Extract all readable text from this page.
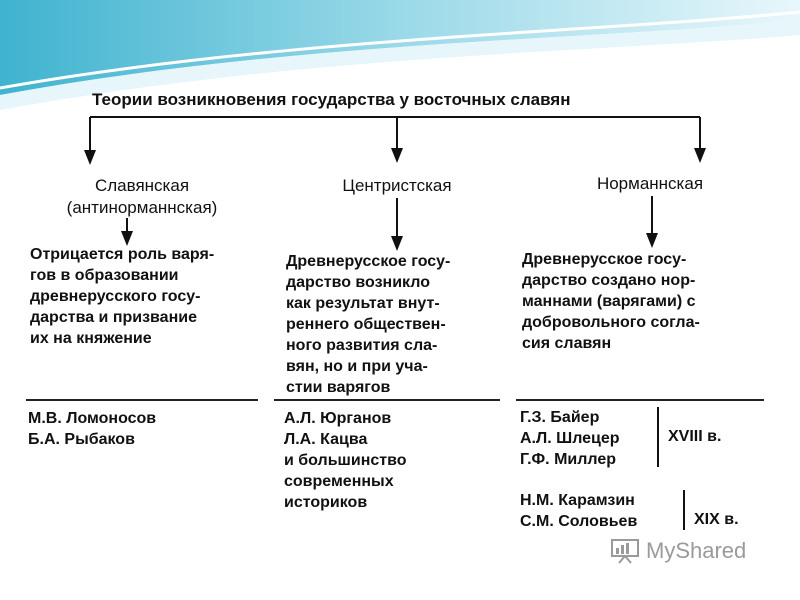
Теории возникновения государства у восточных славян
Славянская
(антинорманнская)
Отрицается роль варя-
гов в образовании
древнерусского госу-
дарства и призвание
их на княжение
М.В. Ломоносов
Б.А. Рыбаков
Центристская
Древнерусское госу-
дарство возникло
как результат внут-
реннего обществен-
ного развития сла-
вян, но и при уча-
стии варягов
А.Л. Юрганов
Л.А. Кацва
и большинство
современных
историков
Норманнская
Древнерусское госу-
дарство создано нор-
маннами (варягами) с
добровольного согла-
сия славян
Г.З. Байер
А.Л. Шлецер
Г.Ф. Миллер
XVIII в.
Н.М. Карамзин
С.М. Соловьев	XIX в.
MyShared
